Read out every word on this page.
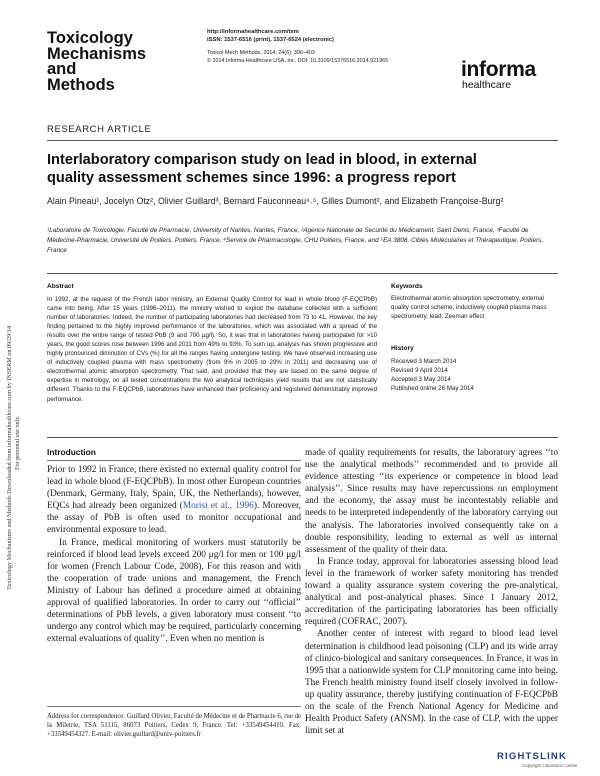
Toxicology
Mechanisms
and
Methods
http://informahealthcare.com/txm
ISSN: 1537-6516 (print), 1537-6524 (electronic)
Toxicol Mech Methods, 2014; 24(6): 396–403
© 2014 Informa Healthcare USA, Inc. DOI: 10.3109/15376516.2014.921965	informa
healthcare
Toxicology Mechanisms and Methods Downloaded from informahealthcare.com by INSERM on 09/29/14 For personal use only.
RESEARCH ARTICLE
Interlaboratory comparison study on lead in blood, in external quality assessment schemes since 1996: a progress report
Alain Pineau¹, Jocelyn Otz², Olivier Guillard³, Bernard Fauconneau⁴˒⁵, Gilles Dumont², and Elizabeth Françoise-Burg²
¹Laboratoire de Toxicologie, Faculté de Pharmacie, University of Nantes, Nantes, France, ²Agence Nationale de Securité du Médicament, Saint Denis, France, ³Faculté de Médecine-Pharmacie, Université de Poitiers, Poitiers, France, ⁴Service de Pharmacologie, CHU Poitiers, France, and ⁵EA 3808, Cibles Moléculaires et Thérapeutique, Poitiers, France
Abstract
In 1992, at the request of the French labor ministry, an External Quality Control for lead in whole blood (F-EQCPbB) came into being. After 15 years (1996–2011), the ministry wished to exploit the database collected with a sufficient number of laboratories. Indeed, the number of participating laboratories had decreased from 73 to 41. However, the key finding pertained to the highly improved performance of the laboratories, which was associated with a spread of the results over the entire range of tested PbB (9 and 700 μg/l). So, it was that in laboratories having participated for >10 years, the good scores rose between 1996 and 2011 from 49% to 93%. To sum up, analysis has shown progressive and highly pronounced diminution of CVs (%) for all the ranges having undergone testing. We have observed increasing use of inductively coupled plasma with mass spectrometry (from 9% in 2005 to 29% in 2011) and decreasing use of electrothermal atomic absorption spectrometry. That said, and provided that they are based on the same degree of expertise in metrology, on all tested concentrations the two analytical techniques yield results that are not statistically different. Thanks to the F-EQCPbB, laboratories have enhanced their proficiency and registered demonstrably improved performance.
Keywords
Electrothermal atomic absorption spectrometry, external quality control scheme, inductively coupled plasma mass spectrometry, lead, Zeeman effect
History
Received 3 March 2014
Revised 9 April 2014
Accepted 3 May 2014
Published online 26 May 2014
Introduction

Prior to 1992 in France, there existed no external quality control for lead in whole blood (F-EQCPbB). In most other European countries (Denmark, Germany, Italy, Spain, UK, the Netherlands), however, EQCs had already been organized (Morisi et al., 1996). Moreover, the assay of PbB is often used to monitor occupational and environmental exposure to lead.

In France, medical monitoring of workers must statutorily be reinforced if blood lead levels exceed 200 μg/l for men or 100 μg/l for women (French Labour Code, 2008). For this reason and with the cooperation of trade unions and management, the French Ministry of Labour has defined a procedure aimed at obtaining approval of qualified laboratories. In order to carry out ‘‘official’’ determinations of PbB levels, a given laboratory must consent ‘‘to undergo any control which may be required, particularly concerning external evaluations of quality’’. Even when no mention is

Address for correspondence: Guillard Olivier, Faculté de Médecine et de Pharmacie 6, rue de la Miletrie, TSA 51115, 86073 Poitiers, Cedex 9, France. Tel: +33549454410. Fax: +33549454327. E-mail: olivier.guillard@univ-poitiers.fr

made of quality requirements for results, the laboratory agrees ‘‘to use the analytical methods’’ recommended and to provide all evidence attesting ‘‘its experience or competence in blood lead analysis’’. Since results may have repercussions on employment and the economy, the assay must be incontestably reliable and needs to be interpreted independently of the laboratory carrying out the analysis. The laboratories involved consequently take on a double responsibility, leading to external as well as internal assessment of the quality of their data.

In France today, approval for laboratories assessing blood lead level in the framework of worker safety monitoring has trended toward a quality assurance system covering the pre-analytical, analytical and post-analytical phases. Since 1 January 2012, accreditation of the participating laboratories has been officially required (COFRAC, 2007).

Another center of interest with regard to blood lead level determination is childhood lead poisoning (CLP) and its wide array of clinico-biological and sanitary consequences. In France, it was in 1995 that a nationwide system for CLP monitoring came into being. The French health ministry found itself closely involved in follow-up quality assurance, thereby justifying continuation of F-EQCPbB on the scale of the French National Agency for Medicine and Health Product Safety (ANSM). In the case of CLP, with the upper limit set at

RIGHTSLINK
Copyright Clearance Center
